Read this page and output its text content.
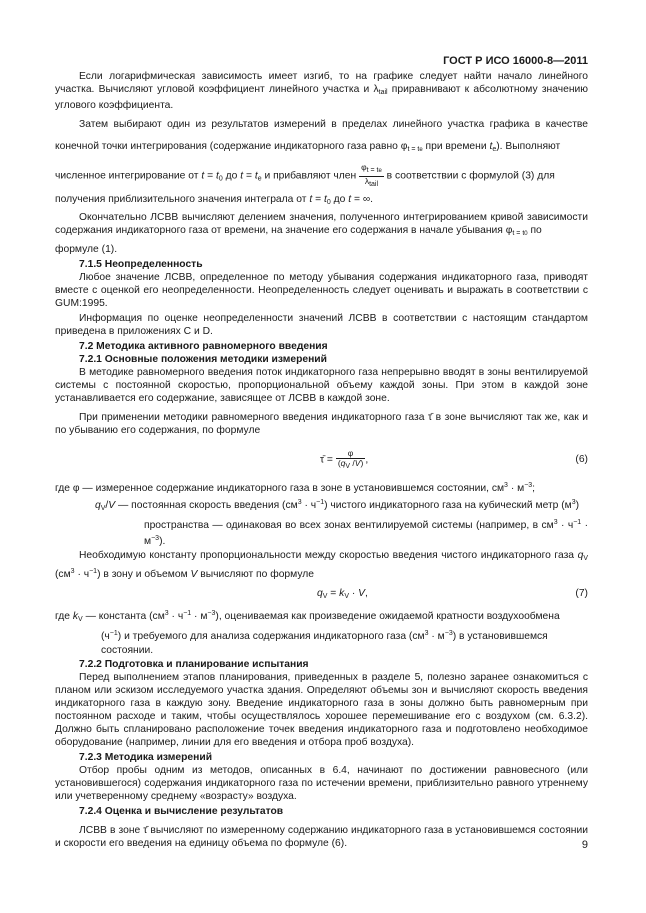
ГОСТ Р ИСО 16000-8—2011

Если логарифмическая зависимость имеет изгиб, то на графике следует найти начало линейного участка. Вычисляют угловой коэффициент линейного участка и $\lambda_{tail}$ приравнивают к абсолютному значению углового коэффициента.

Затем выбирают один из результатов измерений в пределах линейного участка графика в качестве конечной точки интегрирования (содержание индикаторного газа равно $\varphi_{t = te}$ при времени $t_e$). Выполняют

численное интегрирование от $t = t_0$ до $t = t_e$ и прибавляют член $\frac{\varphi_{t = te}}{\lambda_{tail}}$ в соответствии с формулой (3) для

получения приблизительного значения интеграла от $t = t_0$ до t = ∞.

Окончательно ЛСВВ вычисляют делением значения, полученного интегрированием кривой зависимости содержания индикаторного газа от времени, на значение его содержания в начале убывания $\varphi_{t = t0}$ по

формуле (1).

7.1.5 Неопределенность

Любое значение ЛСВВ, определенное по методу убывания содержания индикаторного газа, приводят вместе с оценкой его неопределенности. Неопределенность следует оценивать и выражать в соответствии с GUM:1995.

Информация по оценке неопределенности значений ЛСВВ в соответствии с настоящим стандартом приведена в приложениях С и D.

7.2 Методика активного равномерного введения

7.2.1 Основные положения методики измерений

В методике равномерного введения поток индикаторного газа непрерывно вводят в зоны вентилируемой системы с постоянной скоростью, пропорциональной объему каждой зоны. При этом в каждой зоне устанавливается его содержание, зависящее от ЛСВВ в каждой зоне.

При применении методики равномерного введения индикаторного газа τ̄ в зоне вычисляют так же, как и по убыванию его содержания, по формуле

τ̄ = $\frac{\varphi}{(q_V /V)}$ ,	(6)

где φ — измеренное содержание индикаторного газа в зоне в установившемся состоянии, $см^3 \cdot м^{-3}$;

$q_V/V$ — постоянная скорость введения $(см^3 \cdot ч^{-1})$ чистого индикаторного газа на кубический метр $(м^3)$

пространства — одинаковая во всех зонах вентилируемой системы (например, в $см^3 \cdot ч^{-1} \cdot м^{-3}$).

Необходимую константу пропорциональности между скоростью введения чистого индикаторного газа $q_V$ $(см^3 \cdot ч^{-1})$ в зону и объемом V вычисляют по формуле

$q_V = k_V \cdot V$,	(7)

где $k_V$ — константа $(см^3 \cdot ч^{-1} \cdot м^{-3})$, оцениваемая как произведение ожидаемой кратности воздухообмена

$(ч^{-1})$ и требуемого для анализа содержания индикаторного газа $(см^3 \cdot м^{-3})$ в установившемся

состоянии.

7.2.2 Подготовка и планирование испытания

Перед выполнением этапов планирования, приведенных в разделе 5, полезно заранее ознакомиться с планом или эскизом исследуемого участка здания. Определяют объемы зон и вычисляют скорость введения индикаторного газа в каждую зону. Введение индикаторного газа в зоны должно быть равномерным при постоянном расходе и таким, чтобы осуществлялось хорошее перемешивание его с воздухом (см. 6.3.2). Должно быть спланировано расположение точек введения индикаторного газа и подготовлено необходимое оборудование (например, линии для его введения и отбора проб воздуха).

7.2.3 Методика измерений

Отбор пробы одним из методов, описанных в 6.4, начинают по достижении равновесного (или установившегося) содержания индикаторного газа по истечении времени, приблизительно равного утреннему или учетверенному среднему «возрасту» воздуха.

7.2.4 Оценка и вычисление результатов

ЛСВВ в зоне τ̄ вычисляют по измеренному содержанию индикаторного газа в установившемся состоянии и скорости его введения на единицу объема по формуле (6).	9
